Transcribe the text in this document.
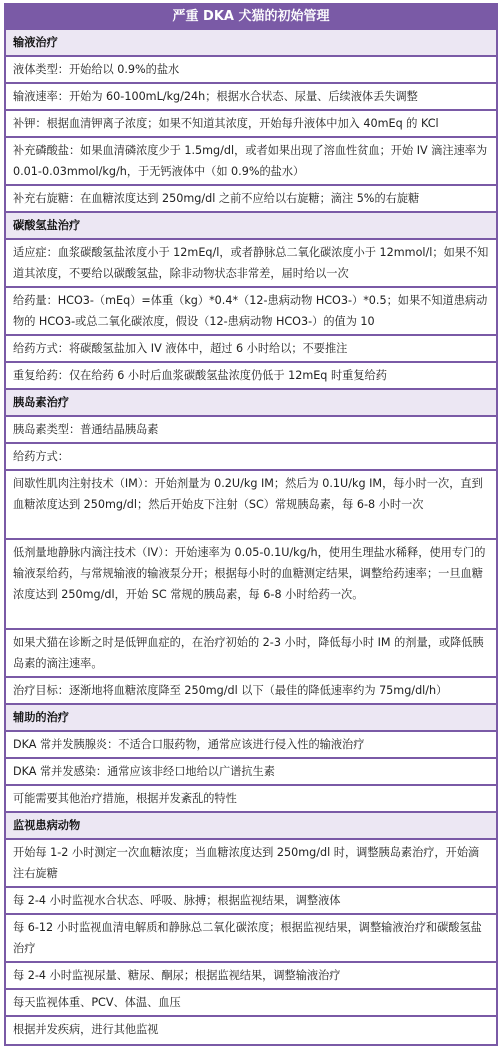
严重 DKA 犬猫的初始管理
输液治疗
液体类型：开始给以 0.9%的盐水
输液速率：开始为 60-100mL/kg/24h；根据水合状态、尿量、后续液体丢失调整
补钾：根据血清钾离子浓度；如果不知道其浓度，开始每升液体中加入 40mEq 的 KCl
补充磷酸盐：如果血清磷浓度少于 1.5mg/dl，或者如果出现了溶血性贫血；开始 IV 滴注速率为 0.01-0.03mmol/kg/h，于无钙液体中（如 0.9%的盐水）
补充右旋糖：在血糖浓度达到 250mg/dl 之前不应给以右旋糖；滴注 5%的右旋糖
碳酸氢盐治疗
适应症：血浆碳酸氢盐浓度小于 12mEq/l，或者静脉总二氧化碳浓度小于 12mmol/l；如果不知道其浓度，不要给以碳酸氢盐，除非动物状态非常差，届时给以一次
给药量：HCO3-（mEq）=体重（kg）*0.4*（12-患病动物 HCO3-）*0.5；如果不知道患病动物的 HCO3-或总二氧化碳浓度，假设（12-患病动物 HCO3-）的值为 10
给药方式：将碳酸氢盐加入 IV 液体中，超过 6 小时给以；不要推注
重复给药：仅在给药 6 小时后血浆碳酸氢盐浓度仍低于 12mEq 时重复给药
胰岛素治疗
胰岛素类型：普通结晶胰岛素
给药方式：
间歇性肌肉注射技术（IM）：开始剂量为 0.2U/kg IM；然后为 0.1U/kg IM，每小时一次，直到血糖浓度达到 250mg/dl；然后开始皮下注射（SC）常规胰岛素，每 6-8 小时一次
低剂量地静脉内滴注技术（IV）：开始速率为 0.05-0.1U/kg/h，使用生理盐水稀释，使用专门的输液泵给药，与常规输液的输液泵分开；根据每小时的血糖测定结果，调整给药速率；一旦血糖浓度达到 250mg/dl，开始 SC 常规的胰岛素，每 6-8 小时给药一次。
如果犬猫在诊断之时是低钾血症的，在治疗初始的 2-3 小时，降低每小时 IM 的剂量，或降低胰岛素的滴注速率。
治疗目标：逐渐地将血糖浓度降至 250mg/dl 以下（最佳的降低速率约为 75mg/dl/h）
辅助的治疗
DKA 常并发胰腺炎：不适合口服药物，通常应该进行侵入性的输液治疗
DKA 常并发感染：通常应该非经口地给以广谱抗生素
可能需要其他治疗措施，根据并发紊乱的特性
监视患病动物
开始每 1-2 小时测定一次血糖浓度；当血糖浓度达到 250mg/dl 时，调整胰岛素治疗，开始滴注右旋糖
每 2-4 小时监视水合状态、呼吸、脉搏；根据监视结果，调整液体
每 6-12 小时监视血清电解质和静脉总二氧化碳浓度；根据监视结果，调整输液治疗和碳酸氢盐治疗
每 2-4 小时监视尿量、糖尿、酮尿；根据监视结果，调整输液治疗
每天监视体重、PCV、体温、血压
根据并发疾病，进行其他监视
